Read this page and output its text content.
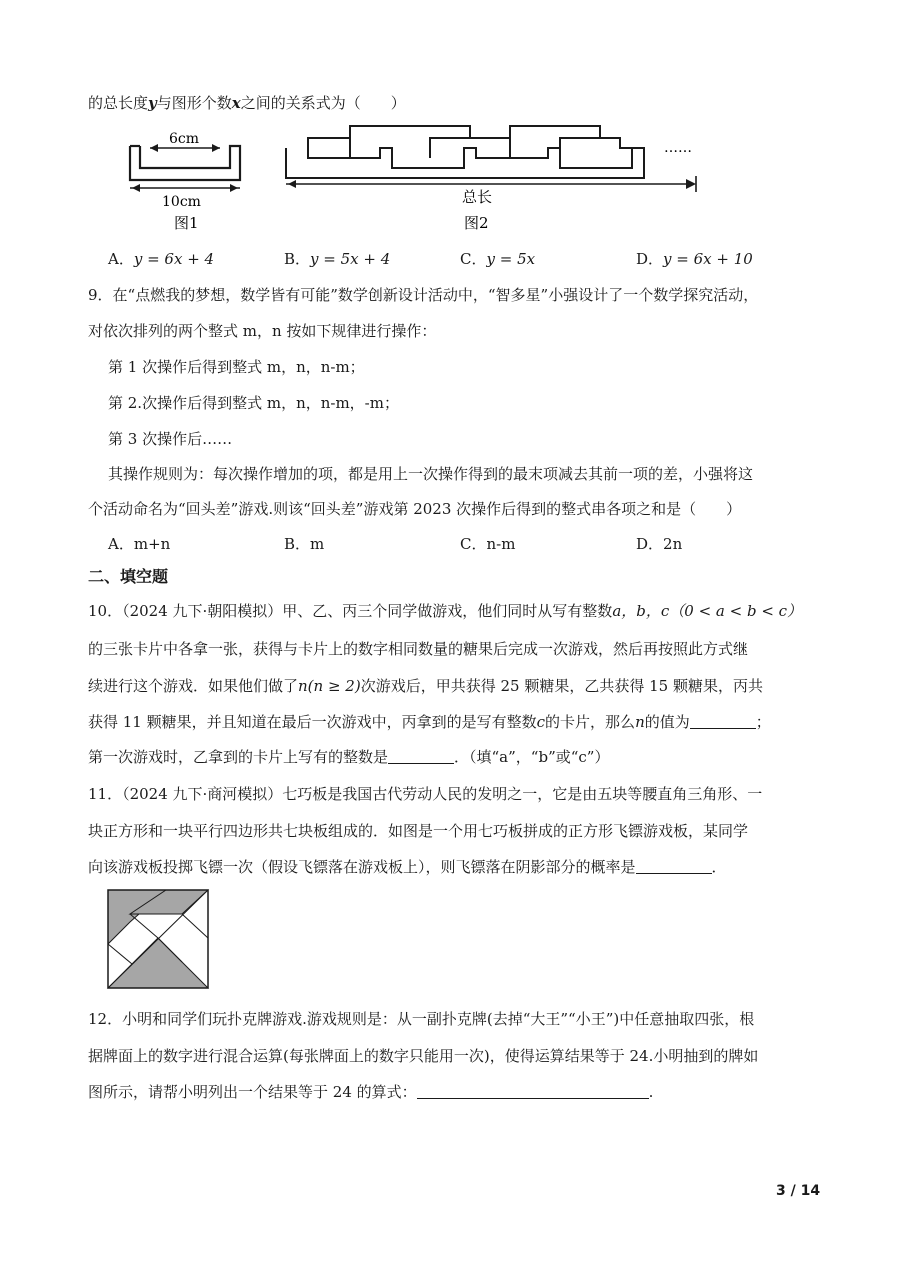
的总长度y与图形个数x之间的关系式为（　　）
6cm
10cm
图1
……
总长
图2
A．y = 6x + 4	B．y = 5x + 4	C．y = 5x	D．y = 6x + 10
9．在“点燃我的梦想，数学皆有可能”数学创新设计活动中，“智多星”小强设计了一个数学探究活动，
对依次排列的两个整式 m，n 按如下规律进行操作：
第 1 次操作后得到整式 m，n，n-m；
第 2.次操作后得到整式 m，n，n-m，-m；
第 3 次操作后……
其操作规则为：每次操作增加的项，都是用上一次操作得到的最末项减去其前一项的差，小强将这
个活动命名为“回头差”游戏.则该“回头差”游戏第 2023 次操作后得到的整式串各项之和是（　　）
A．m+n	B．m	C．n-m	D．2n
二、填空题
10．（2024 九下·朝阳模拟）甲、乙、丙三个同学做游戏，他们同时从写有整数a，b，c（0 < a < b < c）
的三张卡片中各拿一张，获得与卡片上的数字相同数量的糖果后完成一次游戏，然后再按照此方式继
续进行这个游戏．如果他们做了n(n ≥ 2)次游戏后，甲共获得 25 颗糖果，乙共获得 15 颗糖果，丙共
获得 11 颗糖果，并且知道在最后一次游戏中，丙拿到的是写有整数c的卡片，那么n的值为	；
第一次游戏时，乙拿到的卡片上写有的整数是	．（填“a”，“b”或“c”）
11．（2024 九下·商河模拟）七巧板是我国古代劳动人民的发明之一，它是由五块等腰直角三角形、一
块正方形和一块平行四边形共七块板组成的．如图是一个用七巧板拼成的正方形飞镖游戏板，某同学
向该游戏板投掷飞镖一次（假设飞镖落在游戏板上），则飞镖落在阴影部分的概率是	．
12．小明和同学们玩扑克牌游戏.游戏规则是：从一副扑克牌(去掉“大王”“小王”)中任意抽取四张，根
据牌面上的数字进行混合运算(每张牌面上的数字只能用一次)，使得运算结果等于 24.小明抽到的牌如
图所示，请帮小明列出一个结果等于 24 的算式：	.
3 / 14
